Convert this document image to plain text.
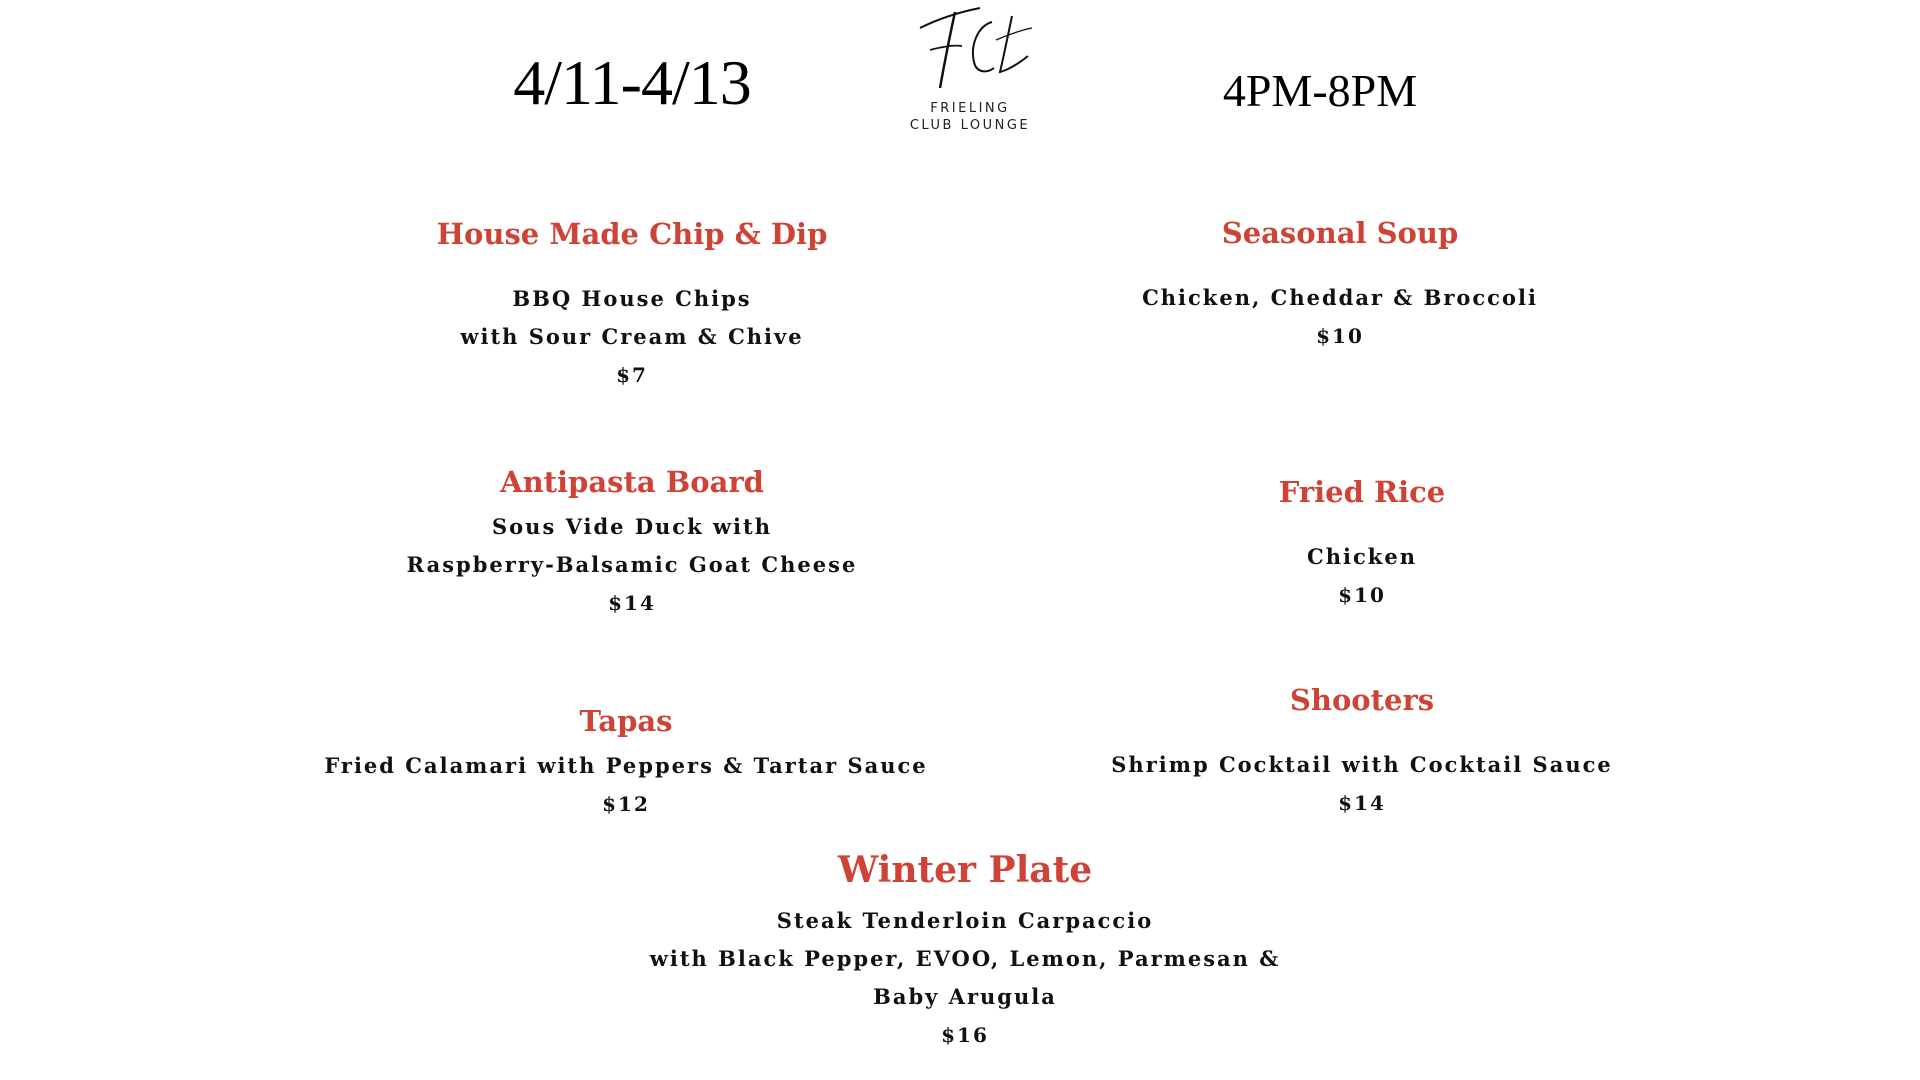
4/11-4/13	4PM-8PM
FRIELING
CLUB LOUNGE
House Made Chip & Dip
BBQ House Chips
with Sour Cream & Chive
$7
Seasonal Soup
Chicken, Cheddar & Broccoli
$10
Antipasta Board
Sous Vide Duck with
Raspberry-Balsamic Goat Cheese
$14
Fried Rice
Chicken
$10
Tapas
Fried Calamari with Peppers & Tartar Sauce
$12
Shooters
Shrimp Cocktail with Cocktail Sauce
$14
Winter Plate
Steak Tenderloin Carpaccio
with Black Pepper, EVOO, Lemon, Parmesan &
Baby Arugula
$16
